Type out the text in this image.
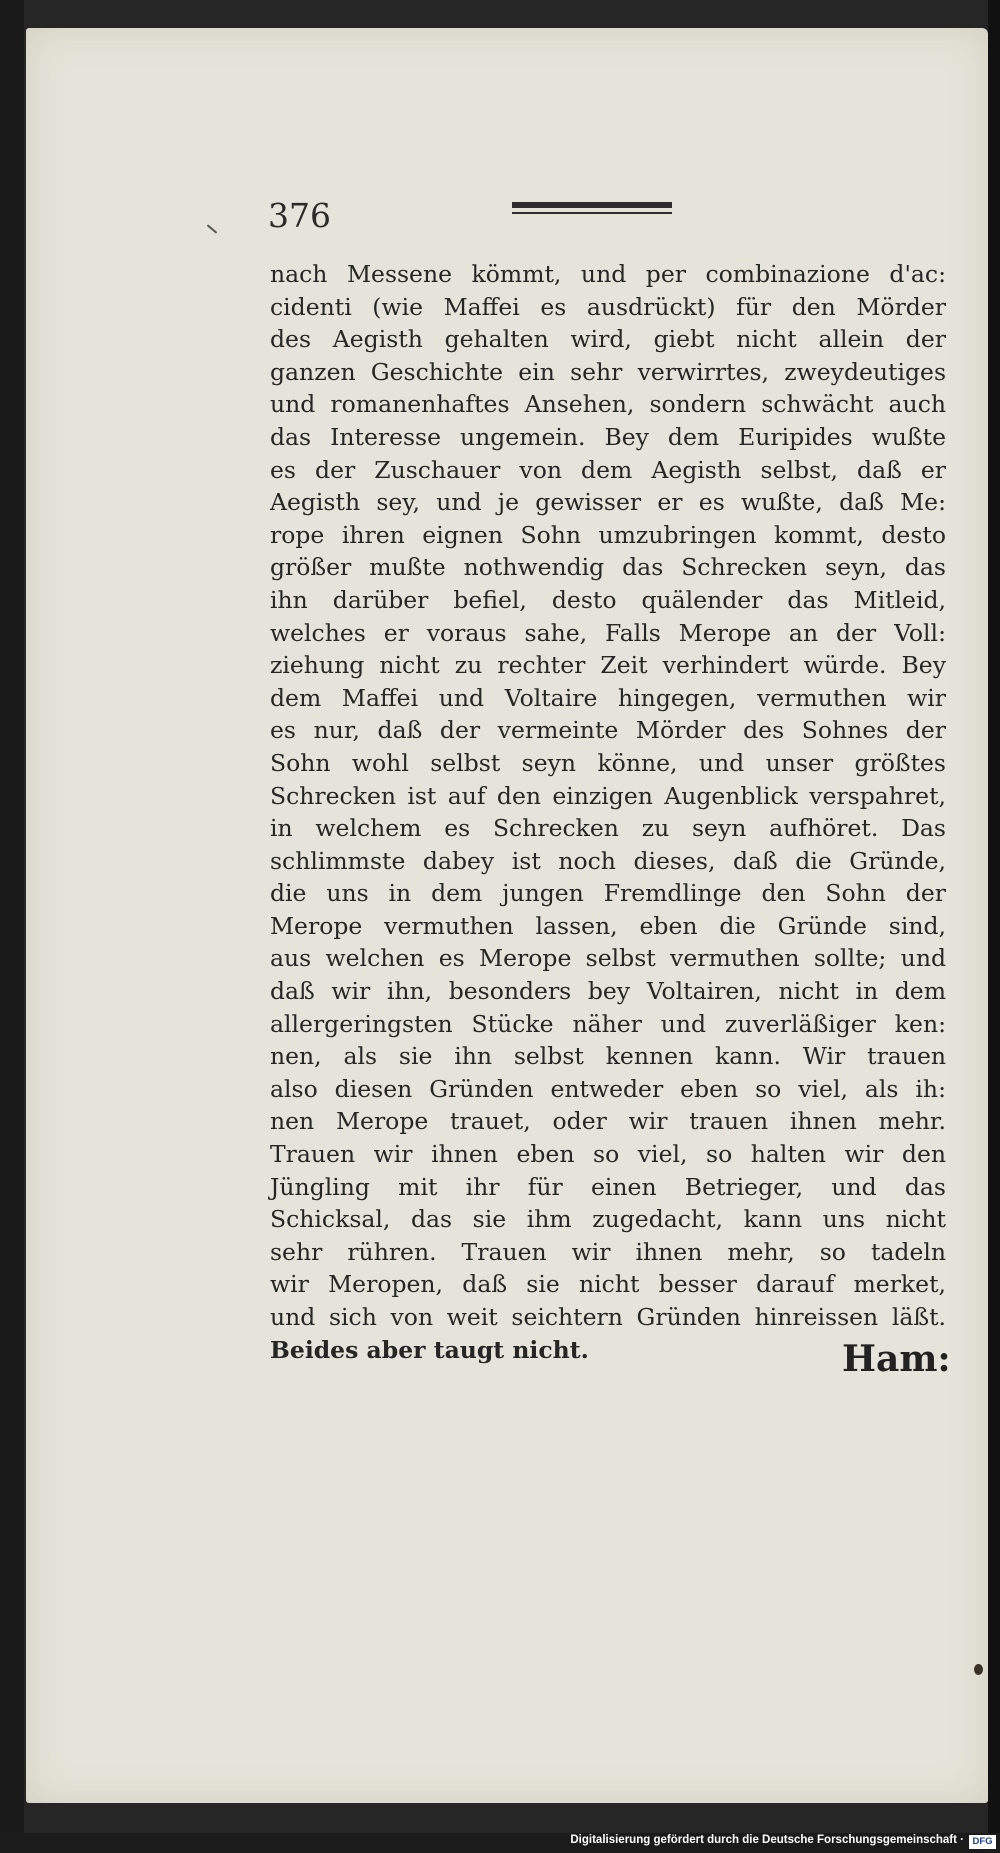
376
nach Messene kömmt, und per combinazione d'ac:
cidenti (wie Maffei es ausdrückt) für den Mörder
des Aegisth gehalten wird, giebt nicht allein der
ganzen Geschichte ein sehr verwirrtes, zweydeutiges
und romanenhaftes Ansehen, sondern schwächt auch
das Interesse ungemein. Bey dem Euripides wußte
es der Zuschauer von dem Aegisth selbst, daß er
Aegisth sey, und je gewisser er es wußte, daß Me:
rope ihren eignen Sohn umzubringen kommt, desto
größer mußte nothwendig das Schrecken seyn, das
ihn darüber befiel, desto quälender das Mitleid,
welches er voraus sahe, Falls Merope an der Voll:
ziehung nicht zu rechter Zeit verhindert würde. Bey
dem Maffei und Voltaire hingegen, vermuthen wir
es nur, daß der vermeinte Mörder des Sohnes der
Sohn wohl selbst seyn könne, und unser größtes
Schrecken ist auf den einzigen Augenblick verspahret,
in welchem es Schrecken zu seyn aufhöret. Das
schlimmste dabey ist noch dieses, daß die Gründe,
die uns in dem jungen Fremdlinge den Sohn der
Merope vermuthen lassen, eben die Gründe sind,
aus welchen es Merope selbst vermuthen sollte; und
daß wir ihn, besonders bey Voltairen, nicht in dem
allergeringsten Stücke näher und zuverläßiger ken:
nen, als sie ihn selbst kennen kann. Wir trauen
also diesen Gründen entweder eben so viel, als ih:
nen Merope trauet, oder wir trauen ihnen mehr.
Trauen wir ihnen eben so viel, so halten wir den
Jüngling mit ihr für einen Betrieger, und das
Schicksal, das sie ihm zugedacht, kann uns nicht
sehr rühren. Trauen wir ihnen mehr, so tadeln
wir Meropen, daß sie nicht besser darauf merket,
und sich von weit seichtern Gründen hinreissen läßt.
Beides aber taugt nicht.	Ham:
Digitalisierung gefördert durch die Deutsche Forschungsgemeinschaft · DFG
